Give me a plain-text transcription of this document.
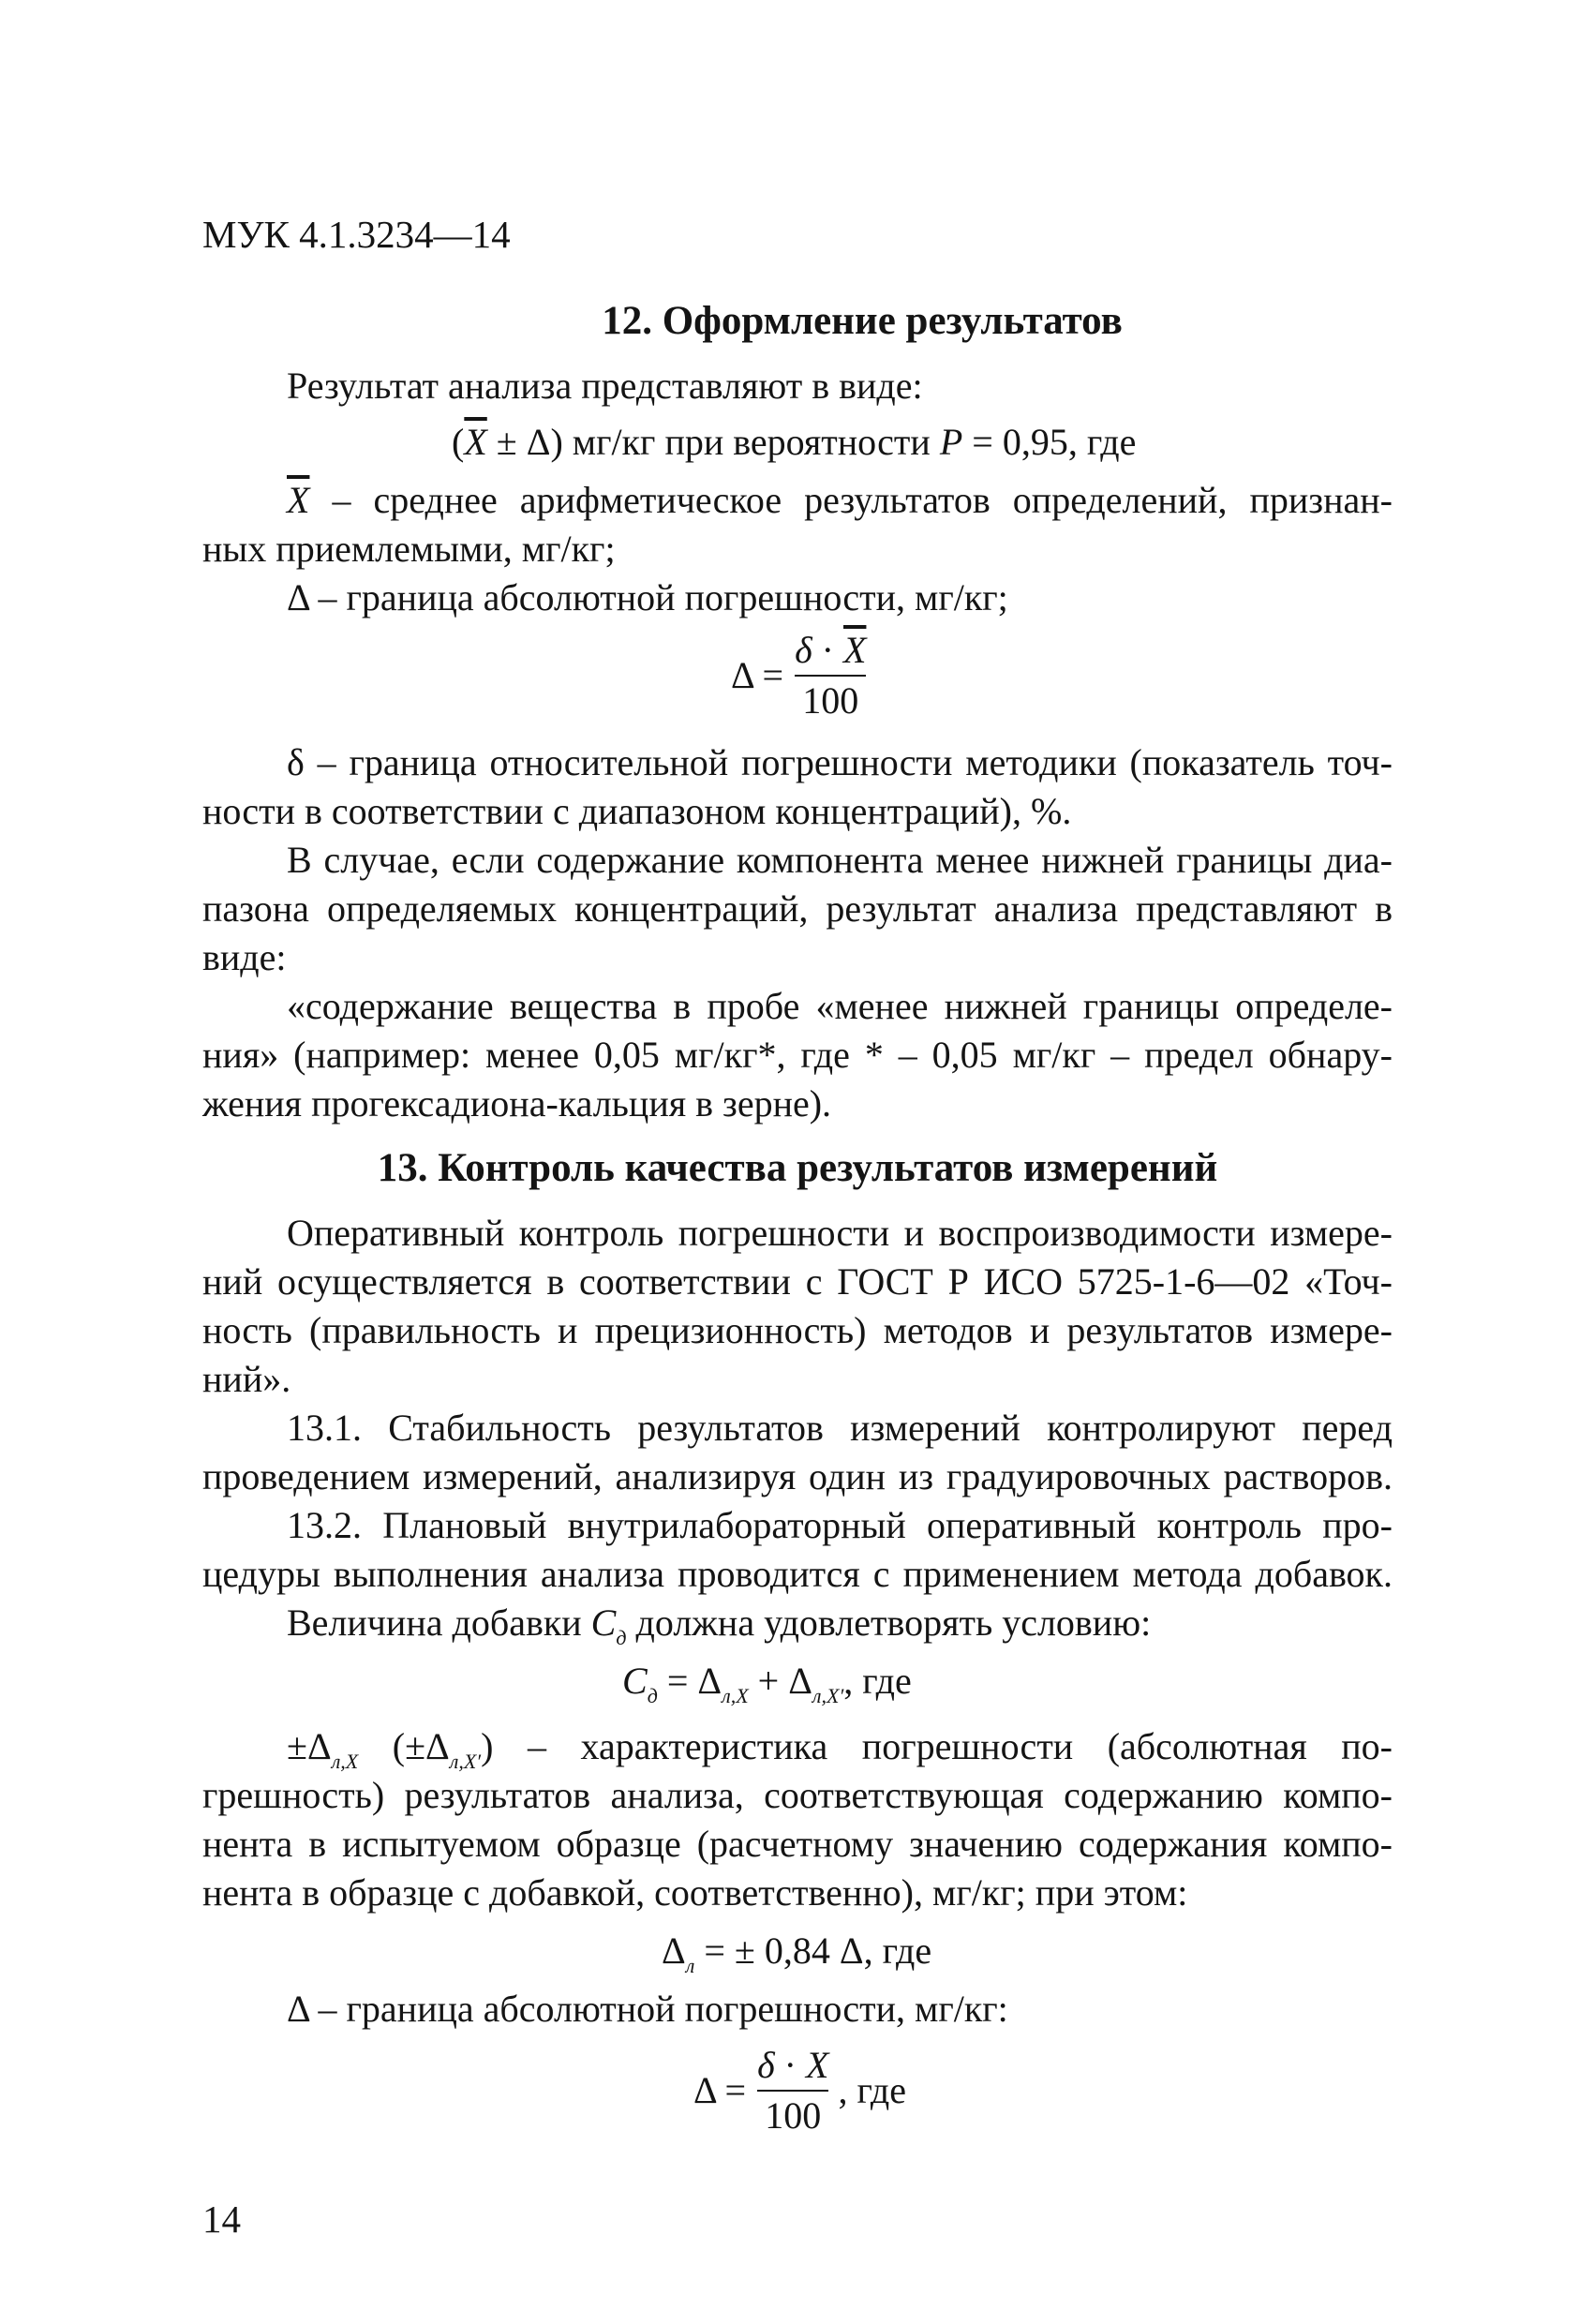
МУК 4.1.3234—14
12. Оформление результатов
Результат анализа представляют в виде:
$(\overline{X} \pm \Delta)$ мг/кг при вероятности P = 0,95, где
$\overline{X}$ – среднее арифметическое результатов определений, признан-
ных приемлемыми, мг/кг;
Δ – граница абсолютной погрешности, мг/кг;
$\Delta = \frac{\delta \cdot \overline{X}}{100}$
δ – граница относительной погрешности методики (показатель точ-
ности в соответствии с диапазоном концентраций), %.
В случае, если содержание компонента менее нижней границы диа-
пазона определяемых концентраций, результат анализа представляют в
виде:
«содержание вещества в пробе «менее нижней границы определе-
ния» (например: менее 0,05 мг/кг*, где * – 0,05 мг/кг – предел обнару-
жения прогексадиона-кальция в зерне).
13. Контроль качества результатов измерений
Оперативный контроль погрешности и воспроизводимости измере-
ний осуществляется в соответствии с ГОСТ Р ИСО 5725-1-6—02 «Точ-
ность (правильность и прецизионность) методов и результатов измере-
ний».
13.1. Стабильность результатов измерений контролируют перед
проведением измерений, анализируя один из градуировочных растворов.
13.2. Плановый внутрилабораторный оперативный контроль про-
цедуры выполнения анализа проводится с применением метода добавок.
Величина добавки $C_д$ должна удовлетворять условию:
$C_д = \Delta_{л,X} + \Delta_{л,X'}$, где
$\pm\Delta_{л,X}$ $(\pm\Delta_{л,X'})$ – характеристика погрешности (абсолютная по-
грешность) результатов анализа, соответствующая содержанию компо-
нента в испытуемом образце (расчетному значению содержания компо-
нента в образце с добавкой, соответственно), мг/кг; при этом:
$\Delta_л$ = ± 0,84 Δ, где
Δ – граница абсолютной погрешности, мг/кг:
$\Delta = \frac{\delta \cdot X}{100}$ , где
14
